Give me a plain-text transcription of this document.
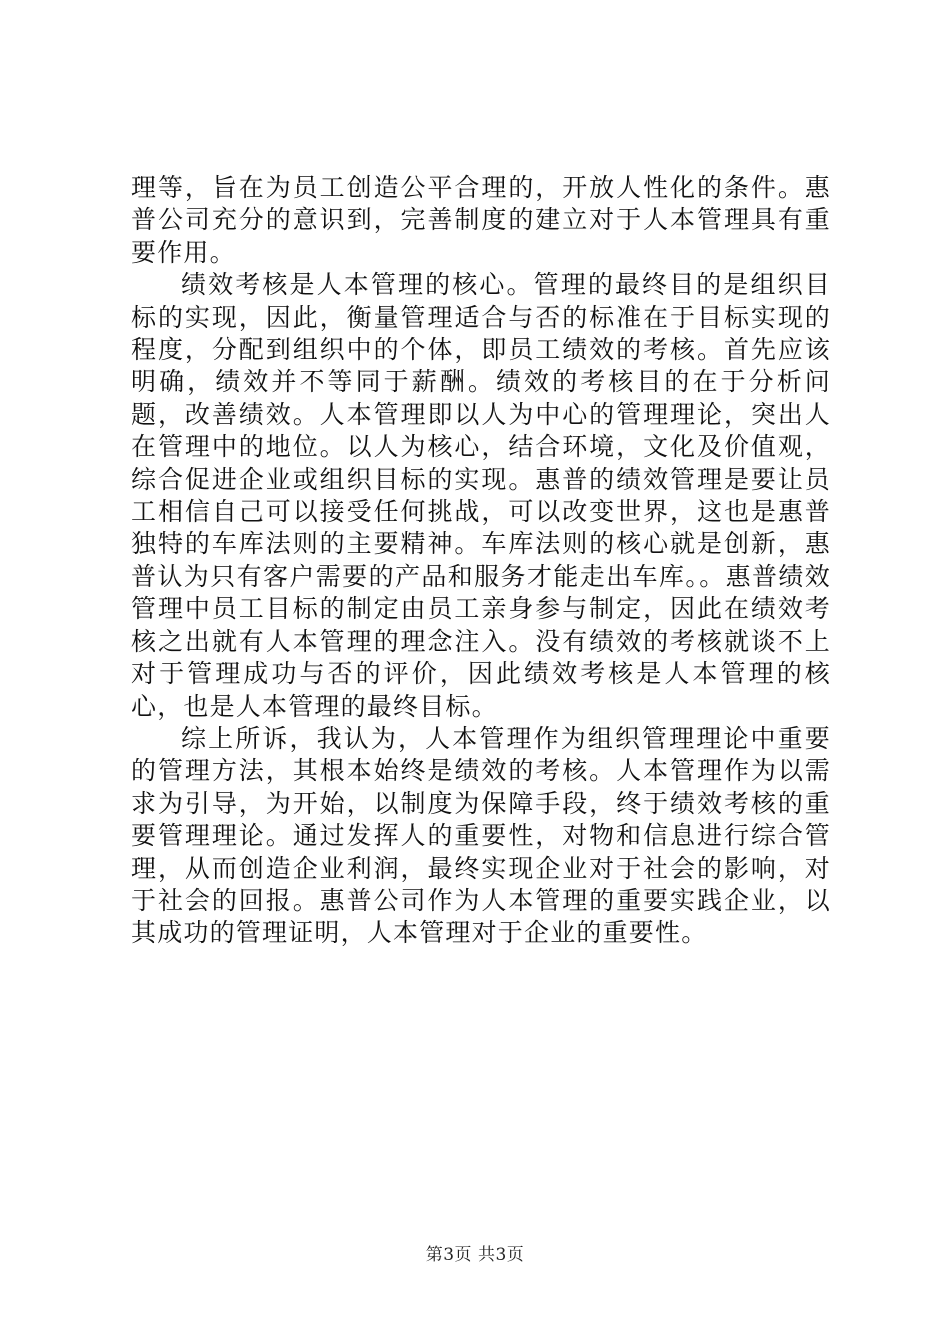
理等，旨在为员工创造公平合理的，开放人性化的条件。惠普公司充分的意识到，完善制度的建立对于人本管理具有重要作用。

绩效考核是人本管理的核心。管理的最终目的是组织目标的实现，因此，衡量管理适合与否的标准在于目标实现的程度，分配到组织中的个体，即员工绩效的考核。首先应该明确，绩效并不等同于薪酬。绩效的考核目的在于分析问题，改善绩效。人本管理即以人为中心的管理理论，突出人在管理中的地位。以人为核心，结合环境，文化及价值观，综合促进企业或组织目标的实现。惠普的绩效管理是要让员工相信自己可以接受任何挑战，可以改变世界，这也是惠普独特的车库法则的主要精神。车库法则的核心就是创新，惠普认为只有客户需要的产品和服务才能走出车库。。惠普绩效管理中员工目标的制定由员工亲身参与制定，因此在绩效考核之出就有人本管理的理念注入。没有绩效的考核就谈不上对于管理成功与否的评价，因此绩效考核是人本管理的核心，也是人本管理的最终目标。

综上所诉，我认为，人本管理作为组织管理理论中重要的管理方法，其根本始终是绩效的考核。人本管理作为以需求为引导，为开始，以制度为保障手段，终于绩效考核的重要管理理论。通过发挥人的重要性，对物和信息进行综合管理，从而创造企业利润，最终实现企业对于社会的影响，对于社会的回报。惠普公司作为人本管理的重要实践企业，以其成功的管理证明，人本管理对于企业的重要性。

第3页 共3页
